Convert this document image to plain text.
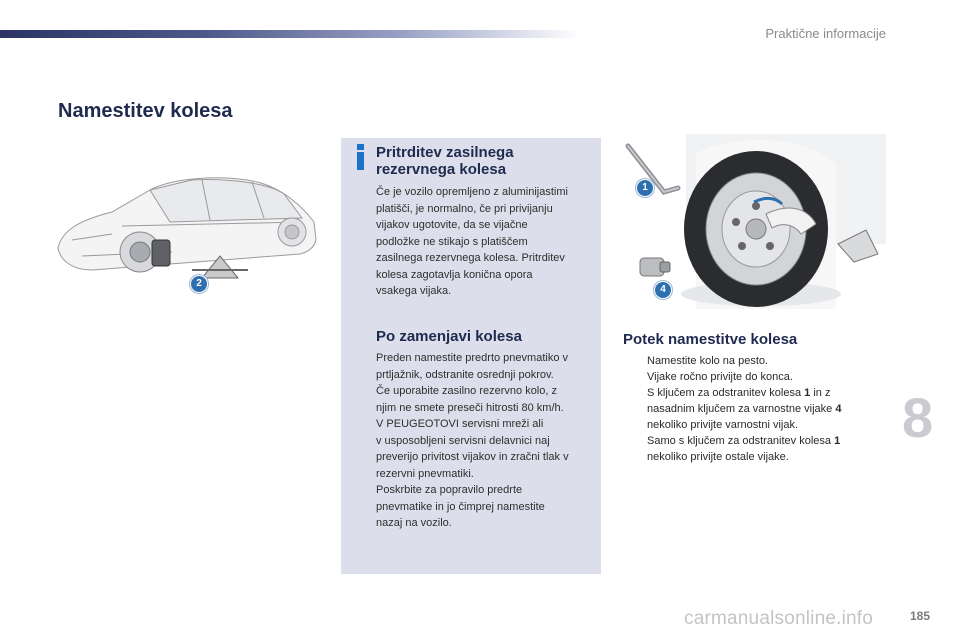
Praktične informacije
Namestitev kolesa
2
Pritrditev zasilnega
rezervnega kolesa
Če je vozilo opremljeno z aluminijastimi
platišči, je normalno, če pri privijanju
vijakov ugotovite, da se vijačne
podložke ne stikajo s platiščem
zasilnega rezervnega kolesa. Pritrditev
kolesa zagotavlja konična opora
vsakega vijaka.
Po zamenjavi kolesa
Preden namestite predrto pnevmatiko v
prtljažnik, odstranite osrednji pokrov.
Če uporabite zasilno rezervno kolo, z
njim ne smete preseči hitrosti 80 km/h.
V PEUGEOTOVI servisni mreži ali
v usposobljeni servisni delavnici naj
preverijo privitost vijakov in zračni tlak v
rezervni pnevmatiki.
Poskrbite za popravilo predrte
pnevmatike in jo čimprej namestite
nazaj na vozilo.
1
4
Potek namestitve kolesa
Namestite kolo na pesto.
Vijake ročno privijte do konca.
S ključem za odstranitev kolesa 1 in z nasadnim ključem za varnostne vijake 4 nekoliko privijte varnostni vijak.
Samo s ključem za odstranitev kolesa 1 nekoliko privijte ostale vijake.
8
carmanualsonline.info	185
